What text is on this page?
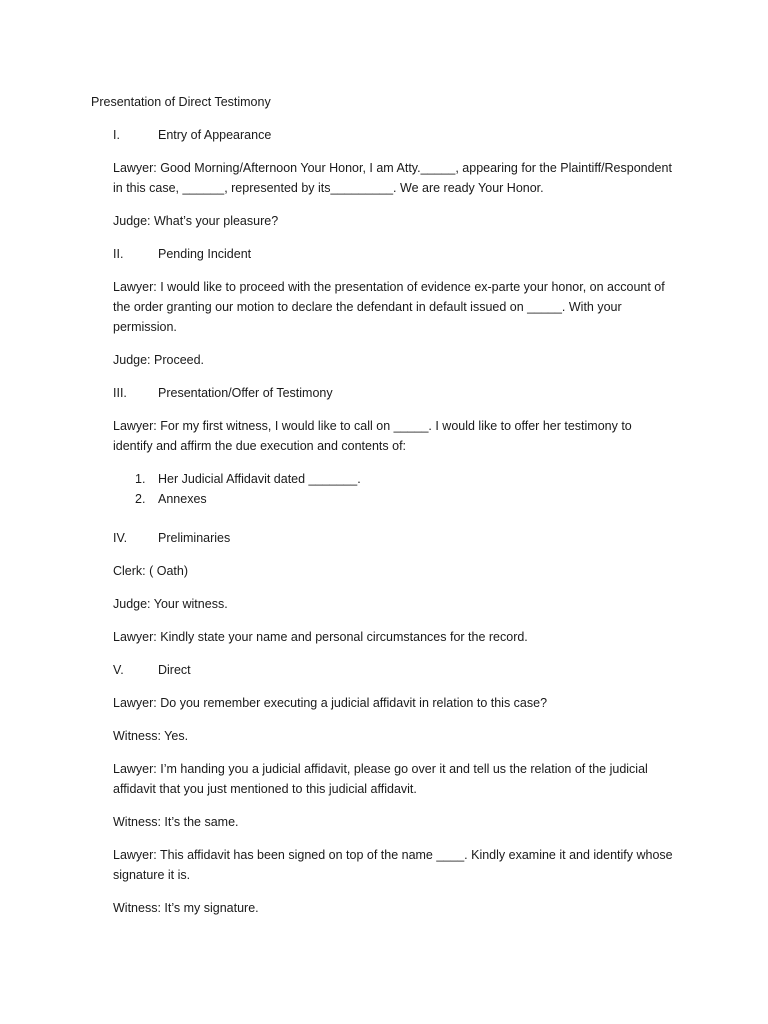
Presentation of Direct Testimony
I.	Entry of Appearance

Lawyer: Good Morning/Afternoon Your Honor, I am Atty._____, appearing for the Plaintiff/Respondent in this case, ______, represented by its_________. We are ready Your Honor.

Judge: What’s your pleasure?

II.	Pending Incident

Lawyer: I would like to proceed with the presentation of evidence ex-parte your honor, on account of the order granting our motion to declare the defendant in default issued on _____. With your permission.

Judge: Proceed.

III.	Presentation/Offer of Testimony

Lawyer: For my first witness, I would like to call on _____. I would like to offer her testimony to identify and affirm the due execution and contents of:

1.	Her Judicial Affidavit dated _______.
2.	Annexes
IV.	Preliminaries

Clerk: ( Oath)

Judge: Your witness.

Lawyer: Kindly state your name and personal circumstances for the record.

V.	Direct

Lawyer: Do you remember executing a judicial affidavit in relation to this case?

Witness: Yes.

Lawyer: I’m handing you a judicial affidavit, please go over it and tell us the relation of the judicial affidavit that you just mentioned to this judicial affidavit.

Witness: It’s the same.

Lawyer: This affidavit has been signed on top of the name ____. Kindly examine it and identify whose signature it is.

Witness: It’s my signature.
